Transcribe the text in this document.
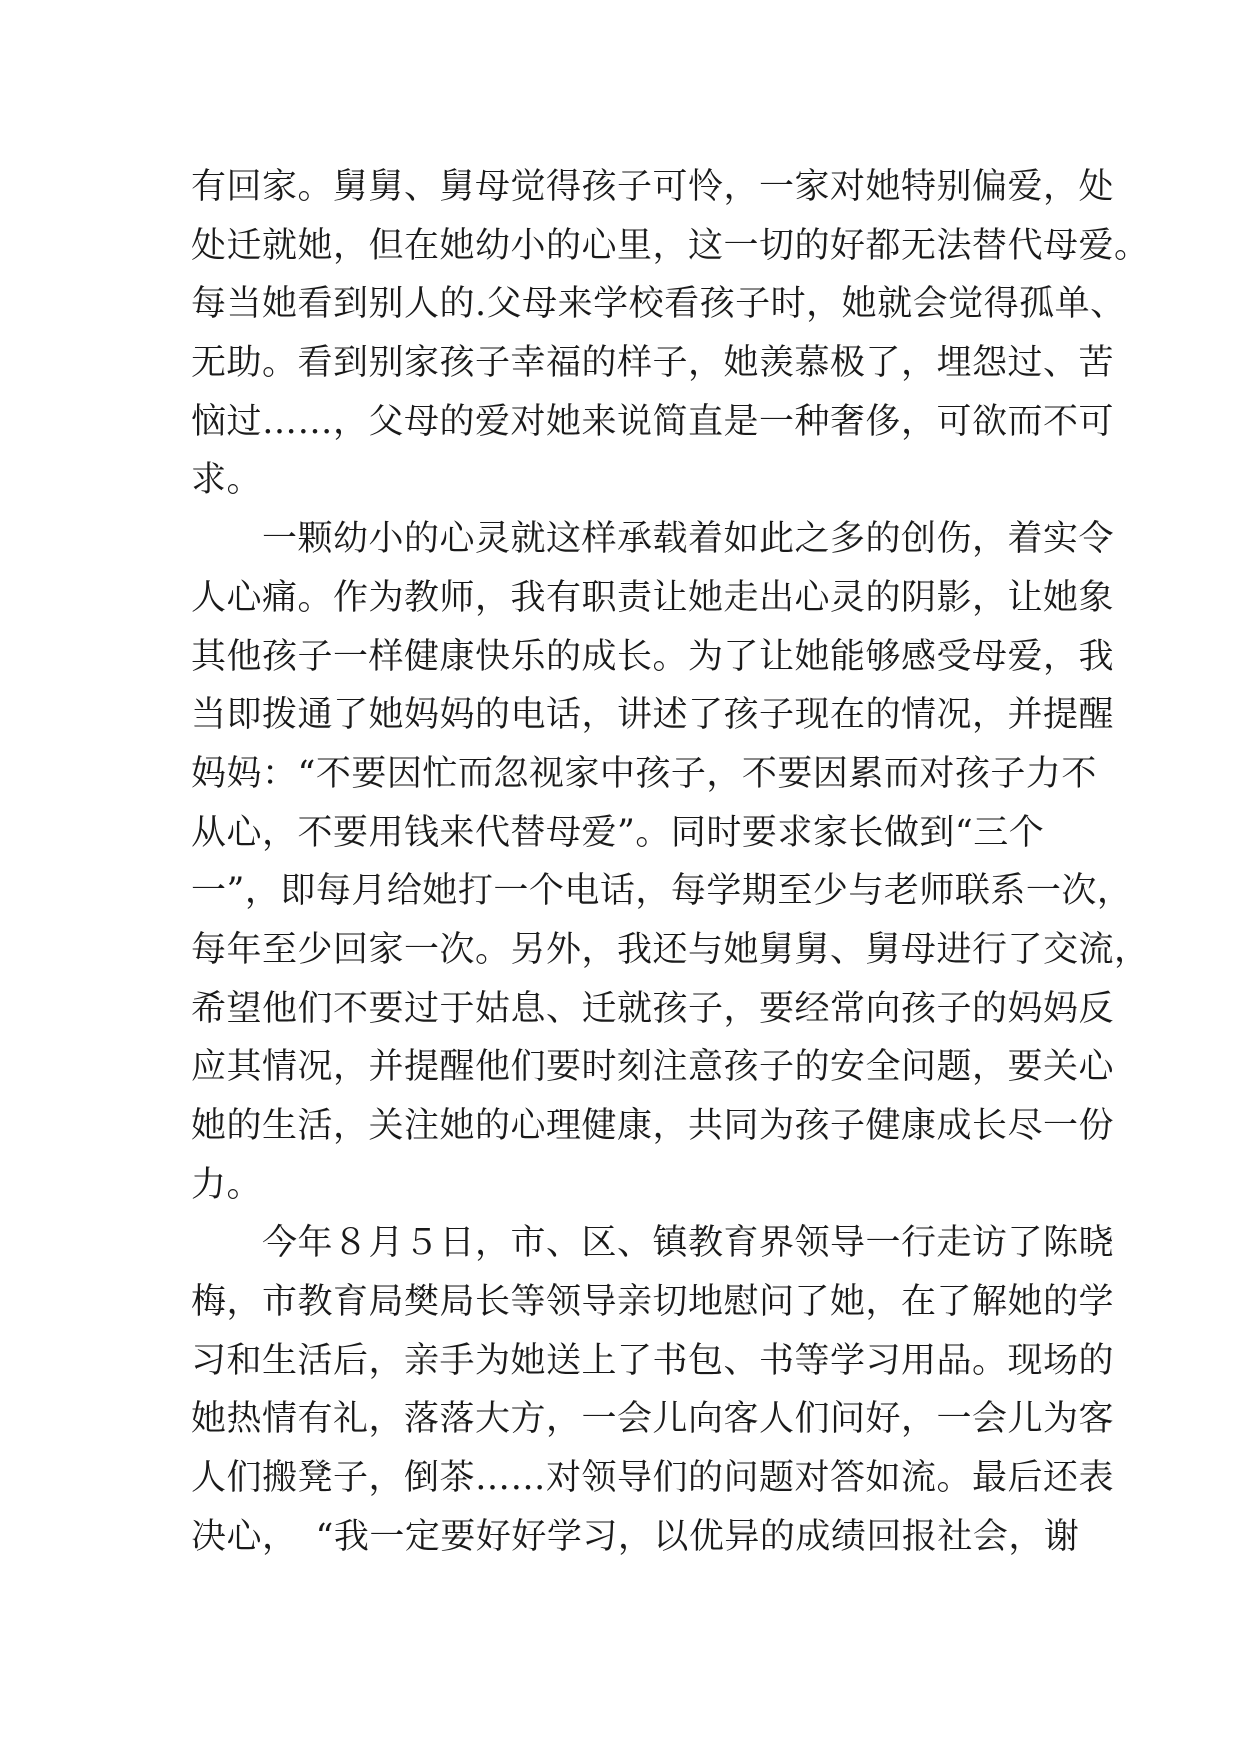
有回家。舅舅、舅母觉得孩子可怜，一家对她特别偏爱，处
处迁就她，但在她幼小的心里，这一切的好都无法替代母爱。
每当她看到别人的.父母来学校看孩子时，她就会觉得孤单、
无助。看到别家孩子幸福的样子，她羡慕极了，埋怨过、苦
恼过……，父母的爱对她来说简直是一种奢侈，可欲而不可
求。
　　一颗幼小的心灵就这样承载着如此之多的创伤，着实令
人心痛。作为教师，我有职责让她走出心灵的阴影，让她象
其他孩子一样健康快乐的成长。为了让她能够感受母爱，我
当即拨通了她妈妈的电话，讲述了孩子现在的情况，并提醒
妈妈：“不要因忙而忽视家中孩子，不要因累而对孩子力不
从心，不要用钱来代替母爱”。同时要求家长做到“三个
一”，即每月给她打一个电话，每学期至少与老师联系一次，
每年至少回家一次。另外，我还与她舅舅、舅母进行了交流，
希望他们不要过于姑息、迁就孩子，要经常向孩子的妈妈反
应其情况，并提醒他们要时刻注意孩子的安全问题，要关心
她的生活，关注她的心理健康，共同为孩子健康成长尽一份
力。
　　今年８月５日，市、区、镇教育界领导一行走访了陈晓
梅，市教育局樊局长等领导亲切地慰问了她，在了解她的学
习和生活后，亲手为她送上了书包、书等学习用品。现场的
她热情有礼，落落大方，一会儿向客人们问好，一会儿为客
人们搬凳子，倒茶……对领导们的问题对答如流。最后还表
决心，　“我一定要好好学习，以优异的成绩回报社会，谢
